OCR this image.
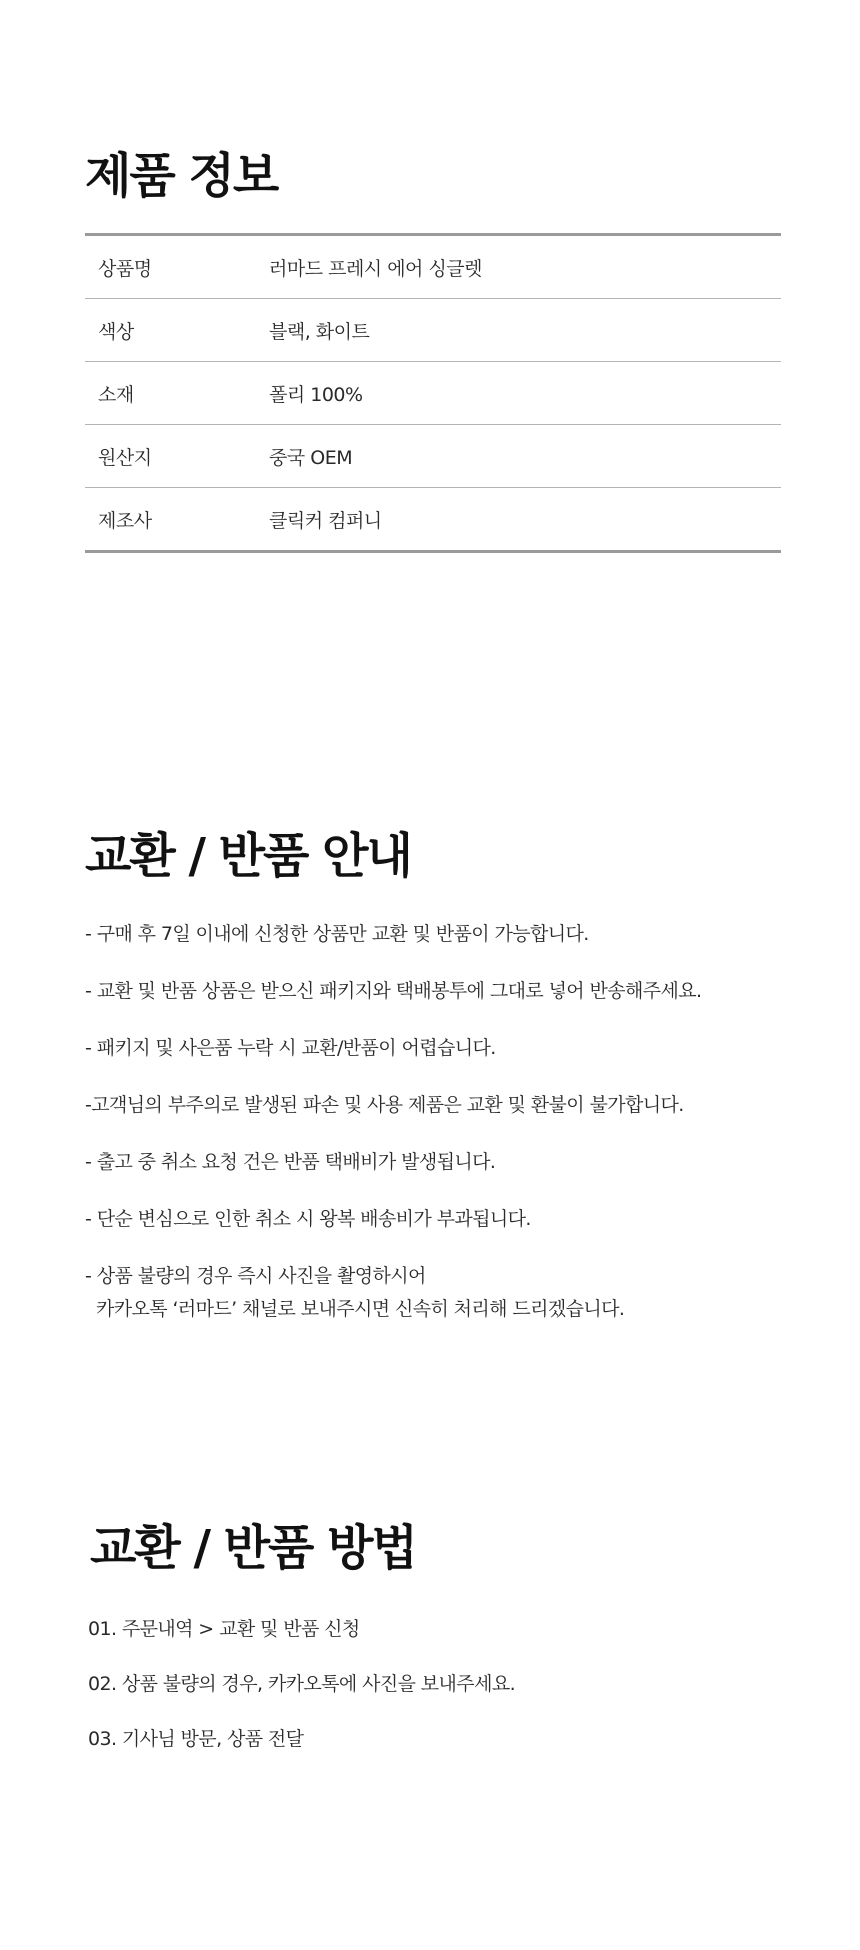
제품 정보
상품명	러마드 프레시 에어 싱글렛
색상	블랙, 화이트
소재	폴리 100%
원산지	중국 OEM
제조사	클릭커 컴퍼니
교환 / 반품 안내
- 구매 후 7일 이내에 신청한 상품만 교환 및 반품이 가능합니다.
- 교환 및 반품 상품은 받으신 패키지와 택배봉투에 그대로 넣어 반송해주세요.
- 패키지 및 사은품 누락 시 교환/반품이 어렵습니다.
-고객님의 부주의로 발생된 파손 및 사용 제품은 교환 및 환불이 불가합니다.
- 출고 중 취소 요청 건은 반품 택배비가 발생됩니다.
- 단순 변심으로 인한 취소 시 왕복 배송비가 부과됩니다.
- 상품 불량의 경우 즉시 사진을 촬영하시어
카카오톡 ‘러마드’ 채널로 보내주시면 신속히 처리해 드리겠습니다.
교환 / 반품 방법
01. 주문내역 > 교환 및 반품 신청
02. 상품 불량의 경우, 카카오톡에 사진을 보내주세요.
03. 기사님 방문, 상품 전달
